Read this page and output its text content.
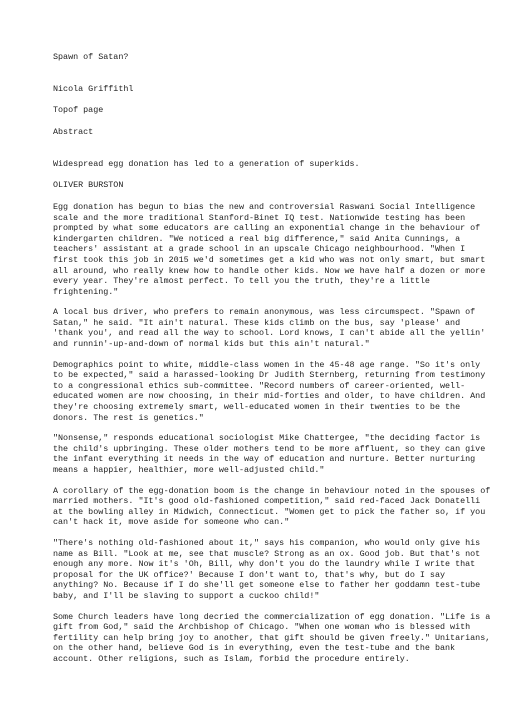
Spawn of Satan?

Nicola Griffithl

Topof page

Abstract

Widespread egg donation has led to a generation of superkids.
OLIVER BURSTON
Egg donation has begun to bias the new and controversial Raswani Social Intelligence scale and the more traditional Stanford-Binet IQ test. Nationwide testing has been prompted by what some educators are calling an exponential change in the behaviour of kindergarten children. "We noticed a real big difference," said Anita Cunnings, a teachers' assistant at a grade school in an upscale Chicago neighbourhood. "When I first took this job in 2015 we'd sometimes get a kid who was not only smart, but smart all around, who really knew how to handle other kids. Now we have half a dozen or more every year. They're almost perfect. To tell you the truth, they're a little frightening."
A local bus driver, who prefers to remain anonymous, was less circumspect. "Spawn of Satan," he said. "It ain't natural. These kids climb on the bus, say 'please' and 'thank you', and read all the way to school. Lord knows, I can't abide all the yellin' and runnin'-up-and-down of normal kids but this ain't natural."
Demographics point to white, middle-class women in the 45-48 age range. "So it's only to be expected," said a harassed-looking Dr Judith Sternberg, returning from testimony to a congressional ethics sub-committee. "Record numbers of career-oriented, well-educated women are now choosing, in their mid-forties and older, to have children. And they're choosing extremely smart, well-educated women in their twenties to be the donors. The rest is genetics."
"Nonsense," responds educational sociologist Mike Chattergee, "the deciding factor is the child's upbringing. These older mothers tend to be more affluent, so they can give the infant everything it needs in the way of education and nurture. Better nurturing means a happier, healthier, more well-adjusted child."
A corollary of the egg-donation boom is the change in behaviour noted in the spouses of married mothers. "It's good old-fashioned competition," said red-faced Jack Donatelli at the bowling alley in Midwich, Connecticut. "Women get to pick the father so, if you can't hack it, move aside for someone who can."
"There's nothing old-fashioned about it," says his companion, who would only give his name as Bill. "Look at me, see that muscle? Strong as an ox. Good job. But that's not enough any more. Now it's 'Oh, Bill, why don't you do the laundry while I write that proposal for the UK office?' Because I don't want to, that's why, but do I say anything? No. Because if I do she'll get someone else to father her goddamn test-tube baby, and I'll be slaving to support a cuckoo child!"
Some Church leaders have long decried the commercialization of egg donation. "Life is a gift from God," said the Archbishop of Chicago. "When one woman who is blessed with fertility can help bring joy to another, that gift should be given freely." Unitarians, on the other hand, believe God is in everything, even the test-tube and the bank account. Other religions, such as Islam, forbid the procedure entirely.
